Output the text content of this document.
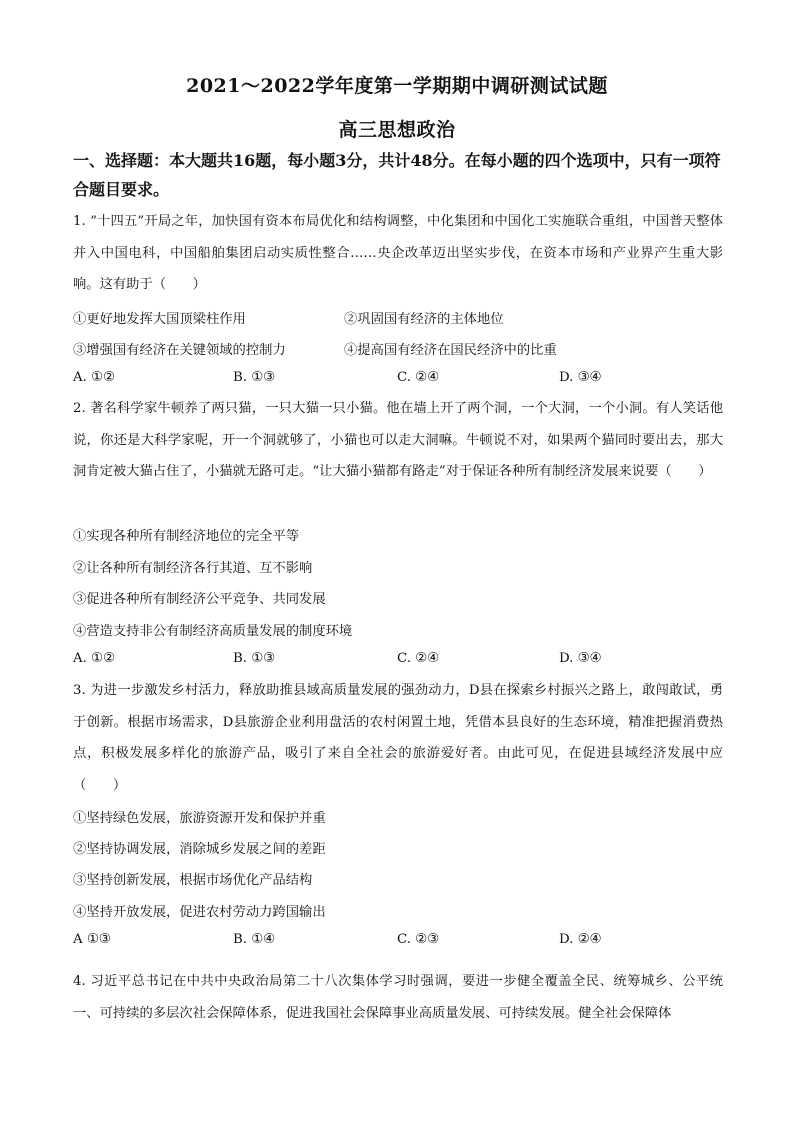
2021～2022学年度第一学期期中调研测试试题
高三思想政治
一、选择题：本大题共16题，每小题3分，共计48分。在每小题的四个选项中，只有一项符合题目要求。
1. “十四五”开局之年，加快国有资本布局优化和结构调整，中化集团和中国化工实施联合重组，中国普天整体并入中国电科，中国船舶集团启动实质性整合……央企改革迈出坚实步伐，在资本市场和产业界产生重大影响。这有助于（　　）
①更好地发挥大国顶梁柱作用	②巩固国有经济的主体地位
③增强国有经济在关键领域的控制力	④提高国有经济在国民经济中的比重
A. ①②	B. ①③	C. ②④	D. ③④
2. 著名科学家牛顿养了两只猫，一只大猫一只小猫。他在墙上开了两个洞，一个大洞，一个小洞。有人笑话他说，你还是大科学家呢，开一个洞就够了，小猫也可以走大洞嘛。牛顿说不对，如果两个猫同时要出去，那大洞肯定被大猫占住了，小猫就无路可走。“让大猫小猫都有路走”对于保证各种所有制经济发展来说要（　　）
①实现各种所有制经济地位的完全平等
②让各种所有制经济各行其道、互不影响
③促进各种所有制经济公平竞争、共同发展
④营造支持非公有制经济高质量发展的制度环境
A. ①②	B. ①③	C. ②④	D. ③④
3. 为进一步激发乡村活力，释放助推县域高质量发展的强劲动力，D县在探索乡村振兴之路上，敢闯敢试，勇于创新。根据市场需求，D县旅游企业利用盘活的农村闲置土地，凭借本县良好的生态环境，精准把握消费热点，积极发展多样化的旅游产品，吸引了来自全社会的旅游爱好者。由此可见，在促进县域经济发展中应（　　）
①坚持绿色发展，旅游资源开发和保护并重
②坚持协调发展，消除城乡发展之间的差距
③坚持创新发展，根据市场优化产品结构
④坚持开放发展，促进农村劳动力跨国输出
A ①③	B. ①④	C. ②③	D. ②④
4. 习近平总书记在中共中央政治局第二十八次集体学习时强调，要进一步健全覆盖全民、统筹城乡、公平统一、可持续的多层次社会保障体系，促进我国社会保障事业高质量发展、可持续发展。健全社会保障体
